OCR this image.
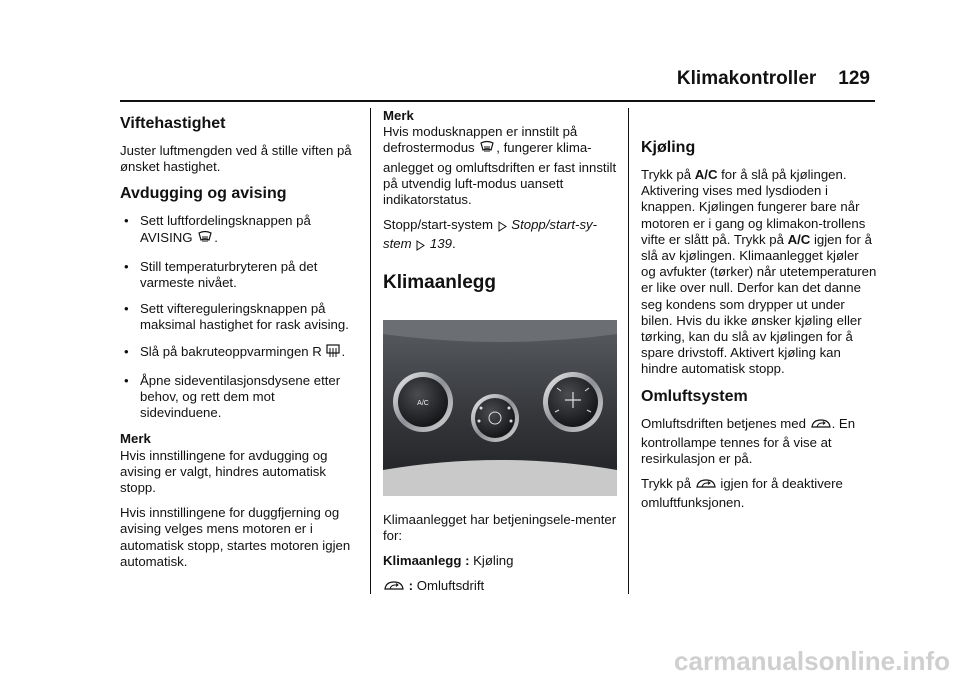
Klimakontroller 129
Viftehastighet

Juster luftmengden ved å stille viften på ønsket hastighet.

Avdugging og avising
• Sett luftfordelingsknappen på AVISING .
• Still temperaturbryteren på det varmeste nivået.
• Sett viftereguleringsknappen på maksimal hastighet for rask avising.
• Slå på bakruteoppvarmingen R .
• Åpne sideventilasjonsdysene etter behov, og rett dem mot sidevinduene.

Merk

Hvis innstillingene for avdugging og avising er valgt, hindres automatisk stopp.

Hvis innstillingene for duggfjerning og avising velges mens motoren er i automatisk stopp, startes motoren igjen automatisk.

Merk

Hvis modusknappen er innstilt på defrostermodus , fungerer klima-anlegget og omluftsdriften er fast innstilt på utvendig luft-modus uansett indikatorstatus.

Stopp/start-system Stopp/start-sy-stem 139.

Klimaanlegg
A/C

Klimaanlegget har betjeningsele-menter for:

Klimaanlegg : Kjøling

: Omluftsdrift

Kjøling

Trykk på A/C for å slå på kjølingen. Aktivering vises med lysdioden i knappen. Kjølingen fungerer bare når motoren er i gang og klimakon-trollens vifte er slått på. Trykk på A/C igjen for å slå av kjølingen. Klimaanlegget kjøler og avfukter (tørker) når utetemperaturen er like over null. Derfor kan det danne seg kondens som drypper ut under bilen. Hvis du ikke ønsker kjøling eller tørking, kan du slå av kjølingen for å spare drivstoff. Aktivert kjøling kan hindre automatisk stopp.

Omluftsystem

Omluftsdriften betjenes med . En kontrollampe tennes for å vise at resirkulasjon er på.

Trykk på igjen for å deaktivere omluftfunksjonen.

carmanualsonline.info
